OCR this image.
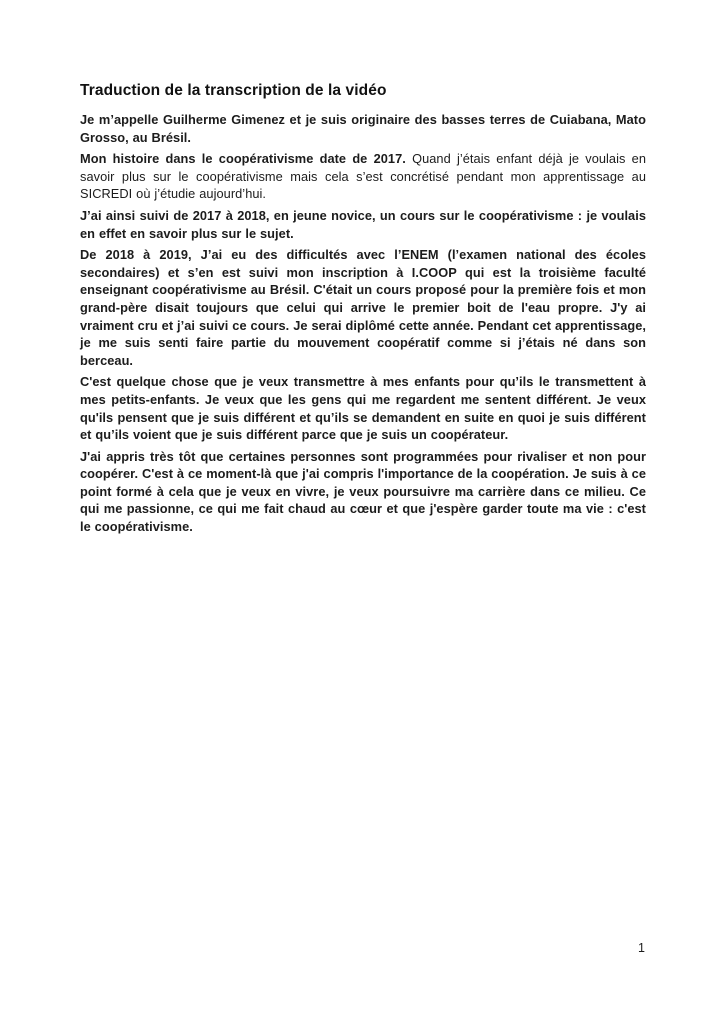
Traduction de la transcription de la vidéo

Je m’appelle Guilherme Gimenez et je suis originaire des basses terres de Cuiabana, Mato Grosso, au Brésil.

Mon histoire dans le coopérativisme date de 2017. Quand j’étais enfant déjà je voulais en savoir plus sur le coopérativisme mais cela s’est concrétisé pendant mon apprentissage au SICREDI où j’étudie aujourd’hui.

J’ai ainsi suivi de 2017 à 2018, en jeune novice, un cours sur le coopérativisme : je voulais en effet en savoir plus sur le sujet.

De 2018 à 2019, J’ai eu des difficultés avec l’ENEM (l’examen national des écoles secondaires) et s’en est suivi mon inscription à I.COOP qui est la troisième faculté enseignant coopérativisme au Brésil. C'était un cours proposé pour la première fois et mon grand-père disait toujours que celui qui arrive le premier boit de l'eau propre. J'y ai vraiment cru et j’ai suivi ce cours. Je serai diplômé cette année. Pendant cet apprentissage, je me suis senti faire partie du mouvement coopératif comme si j’étais né dans son berceau.

C'est quelque chose que je veux transmettre à mes enfants pour qu’ils le transmettent à mes petits-enfants. Je veux que les gens qui me regardent me sentent différent. Je veux qu'ils pensent que je suis différent et qu’ils se demandent en suite en quoi je suis différent et qu’ils voient que je suis différent parce que je suis un coopérateur.

J'ai appris très tôt que certaines personnes sont programmées pour rivaliser et non pour coopérer. C'est à ce moment-là que j'ai compris l'importance de la coopération. Je suis à ce point formé à cela que je veux en vivre, je veux poursuivre ma carrière dans ce milieu. Ce qui me passionne, ce qui me fait chaud au cœur et que j'espère garder toute ma vie : c'est le coopérativisme.

1
